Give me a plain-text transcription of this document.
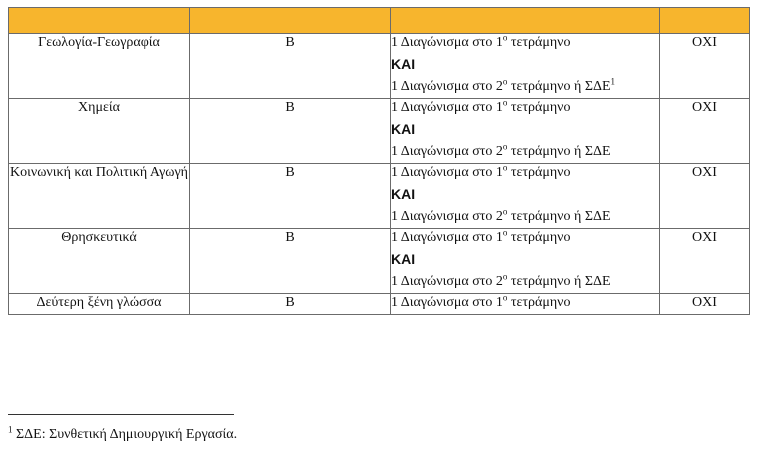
Γεωλογία-Γεωγραφία	Β	1 Διαγώνισμα στο $1^o$ τετράμηνο
ΚΑΙ
1 Διαγώνισμα στο $2^o$ τετράμηνο ή ΣΔΕ$^1$	ΟΧΙ
Χημεία	Β	1 Διαγώνισμα στο $1^o$ τετράμηνο
ΚΑΙ
1 Διαγώνισμα στο $2^o$ τετράμηνο ή ΣΔΕ	ΟΧΙ
Κοινωνική και Πολιτική Αγωγή	Β	1 Διαγώνισμα στο $1^o$ τετράμηνο
ΚΑΙ
1 Διαγώνισμα στο $2^o$ τετράμηνο ή ΣΔΕ	ΟΧΙ
Θρησκευτικά	Β	1 Διαγώνισμα στο $1^o$ τετράμηνο
ΚΑΙ
1 Διαγώνισμα στο $2^o$ τετράμηνο ή ΣΔΕ	ΟΧΙ
Δεύτερη ξένη γλώσσα	Β	1 Διαγώνισμα στο $1^o$ τετράμηνο	ΟΧΙ
$^1$ ΣΔΕ: Συνθετική Δημιουργική Εργασία.
